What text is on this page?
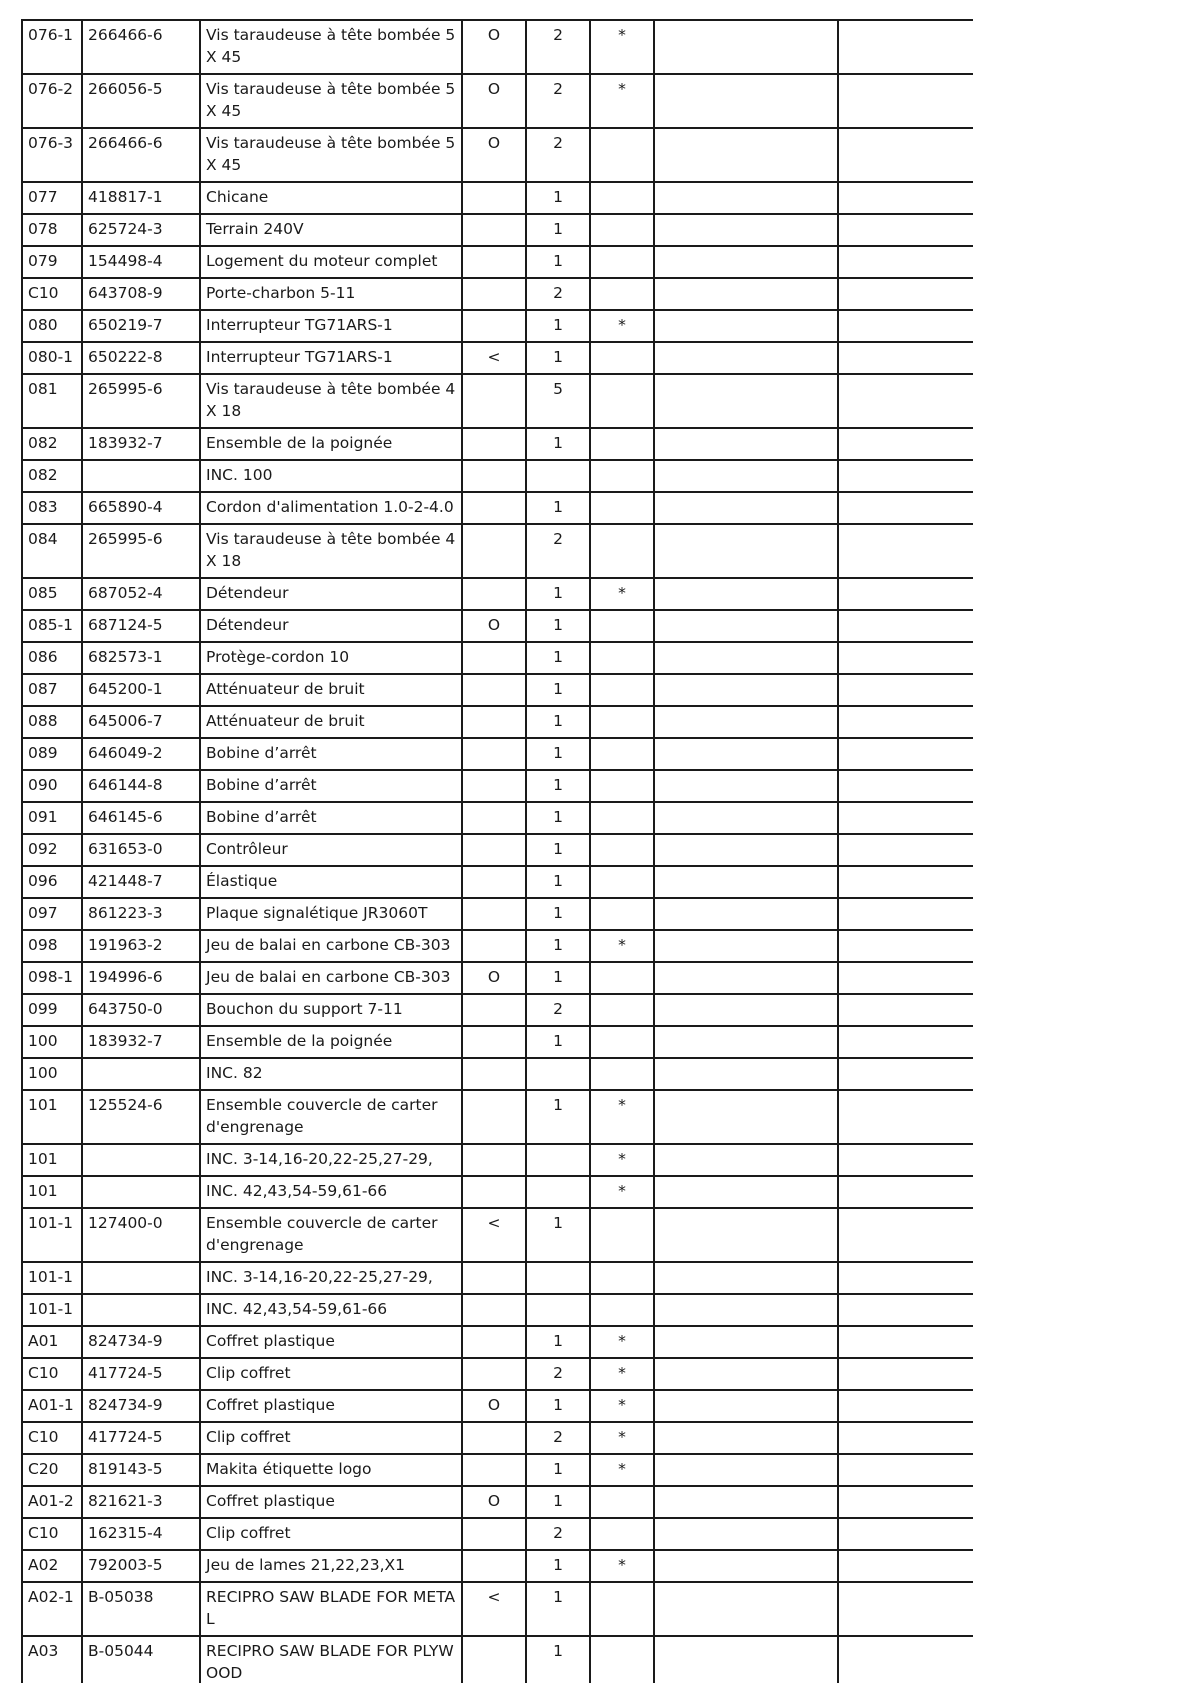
076-1	266466-6	Vis taraudeuse à tête bombée 5X 45	O	2	*		
076-2	266056-5	Vis taraudeuse à tête bombée 5X 45	O	2	*		
076-3	266466-6	Vis taraudeuse à tête bombée 5X 45	O	2			
077	418817-1	Chicane		1			
078	625724-3	Terrain 240V		1			
079	154498-4	Logement du moteur complet		1			
C10	643708-9	Porte-charbon 5-11		2			
080	650219-7	Interrupteur TG71ARS-1		1	*		
080-1	650222-8	Interrupteur TG71ARS-1	<	1			
081	265995-6	Vis taraudeuse à tête bombée 4X 18		5			
082	183932-7	Ensemble de la poignée		1			
082		INC. 100					
083	665890-4	Cordon d'alimentation 1.0-2-4.0		1			
084	265995-6	Vis taraudeuse à tête bombée 4X 18		2			
085	687052-4	Détendeur		1	*		
085-1	687124-5	Détendeur	O	1			
086	682573-1	Protège-cordon 10		1			
087	645200-1	Atténuateur de bruit		1			
088	645006-7	Atténuateur de bruit		1			
089	646049-2	Bobine d’arrêt		1			
090	646144-8	Bobine d’arrêt		1			
091	646145-6	Bobine d’arrêt		1			
092	631653-0	Contrôleur		1			
096	421448-7	Élastique		1			
097	861223-3	Plaque signalétique JR3060T		1			
098	191963-2	Jeu de balai en carbone CB-303		1	*		
098-1	194996-6	Jeu de balai en carbone CB-303	O	1			
099	643750-0	Bouchon du support 7-11		2			
100	183932-7	Ensemble de la poignée		1			
100		INC. 82					
101	125524-6	Ensemble couvercle de carter d'engrenage		1	*		
101		INC. 3-14,16-20,22-25,27-29,			*		
101		INC. 42,43,54-59,61-66			*		
101-1	127400-0	Ensemble couvercle de carter d'engrenage	<	1			
101-1		INC. 3-14,16-20,22-25,27-29,					
101-1		INC. 42,43,54-59,61-66					
A01	824734-9	Coffret plastique		1	*		
C10	417724-5	Clip coffret		2	*		
A01-1	824734-9	Coffret plastique	O	1	*		
C10	417724-5	Clip coffret		2	*		
C20	819143-5	Makita étiquette logo		1	*		
A01-2	821621-3	Coffret plastique	O	1			
C10	162315-4	Clip coffret		2			
A02	792003-5	Jeu de lames 21,22,23,X1		1	*		
A02-1	B-05038	RECIPRO SAW BLADE FOR METAL	<	1			
A03	B-05044	RECIPRO SAW BLADE FOR PLYWOOD		1			
